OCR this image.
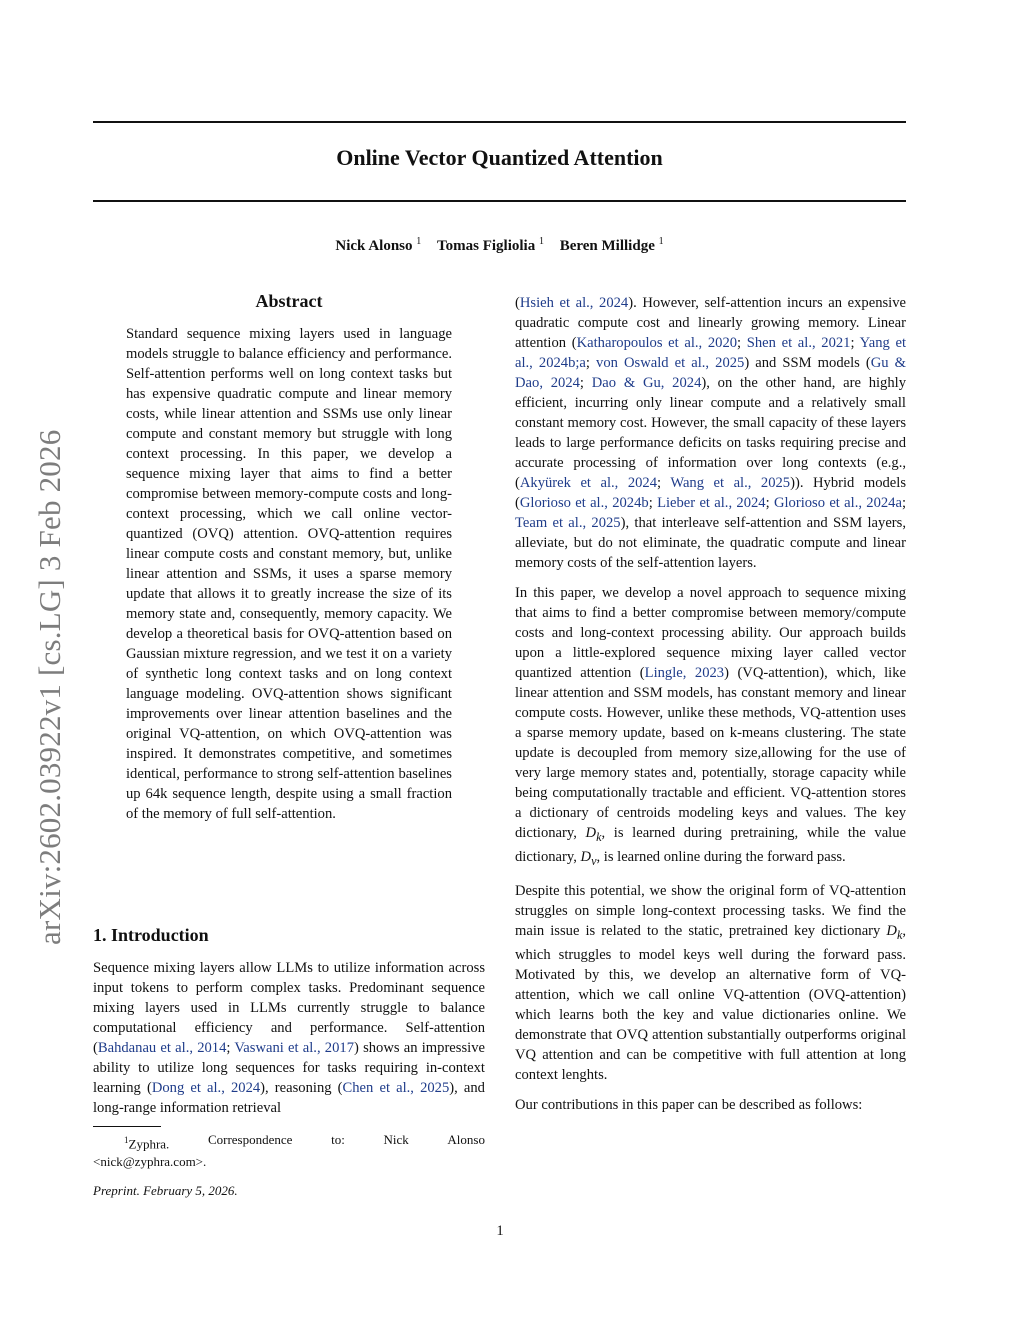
Online Vector Quantized Attention
Nick Alonso $^1$ Tomas Figliolia $^1$ Beren Millidge $^1$
arXiv:2602.03922v1 [cs.LG] 3 Feb 2026
Abstract

Standard sequence mixing layers used in language models struggle to balance efficiency and performance. Self-attention performs well on long context tasks but has expensive quadratic compute and linear memory costs, while linear attention and SSMs use only linear compute and constant memory but struggle with long context processing. In this paper, we develop a sequence mixing layer that aims to find a better compromise between memory-compute costs and long-context processing, which we call online vector-quantized (OVQ) attention. OVQ-attention requires linear compute costs and constant memory, but, unlike linear attention and SSMs, it uses a sparse memory update that allows it to greatly increase the size of its memory state and, consequently, memory capacity. We develop a theoretical basis for OVQ-attention based on Gaussian mixture regression, and we test it on a variety of synthetic long context tasks and on long context language modeling. OVQ-attention shows significant improvements over linear attention baselines and the original VQ-attention, on which OVQ-attention was inspired. It demonstrates competitive, and sometimes identical, performance to strong self-attention baselines up 64k sequence length, despite using a small fraction of the memory of full self-attention.

1. Introduction

Sequence mixing layers allow LLMs to utilize information across input tokens to perform complex tasks. Predominant sequence mixing layers used in LLMs currently struggle to balance computational efficiency and performance. Self-attention (Bahdanau et al., 2014; Vaswani et al., 2017) shows an impressive ability to utilize long sequences for tasks requiring in-context learning (Dong et al., 2024), reasoning (Chen et al., 2025), and long-range information retrieval

(Hsieh et al., 2024). However, self-attention incurs an expensive quadratic compute cost and linearly growing memory. Linear attention (Katharopoulos et al., 2020; Shen et al., 2021; Yang et al., 2024b;a; von Oswald et al., 2025) and SSM models (Gu & Dao, 2024; Dao & Gu, 2024), on the other hand, are highly efficient, incurring only linear compute and a relatively small constant memory cost. However, the small capacity of these layers leads to large performance deficits on tasks requiring precise and accurate processing of information over long contexts (e.g., (Akyürek et al., 2024; Wang et al., 2025)). Hybrid models (Glorioso et al., 2024b; Lieber et al., 2024; Glorioso et al., 2024a; Team et al., 2025), that interleave self-attention and SSM layers, alleviate, but do not eliminate, the quadratic compute and linear memory costs of the self-attention layers.

In this paper, we develop a novel approach to sequence mixing that aims to find a better compromise between memory/compute costs and long-context processing ability. Our approach builds upon a little-explored sequence mixing layer called vector quantized attention (Lingle, 2023) (VQ-attention), which, like linear attention and SSM models, has constant memory and linear compute costs. However, unlike these methods, VQ-attention uses a sparse memory update, based on k-means clustering. The state update is decoupled from memory size,allowing for the use of very large memory states and, potentially, storage capacity while being computationally tractable and efficient. VQ-attention stores a dictionary of centroids modeling keys and values. The key dictionary, $D_k$, is learned during pretraining, while the value dictionary, $D_v$, is learned online during the forward pass.

Despite this potential, we show the original form of VQ-attention struggles on simple long-context processing tasks. We find the main issue is related to the static, pretrained key dictionary $D_k$, which struggles to model keys well during the forward pass. Motivated by this, we develop an alternative form of VQ-attention, which we call online VQ-attention (OVQ-attention) which learns both the key and value dictionaries online. We demonstrate that OVQ attention substantially outperforms original VQ attention and can be competitive with full attention at long context lenghts.

Our contributions in this paper can be described as follows:

$^1$Zyphra.	Correspondence	to:	Nick	Alonso
<nick@zyphra.com>.
Preprint. February 5, 2026.
1
